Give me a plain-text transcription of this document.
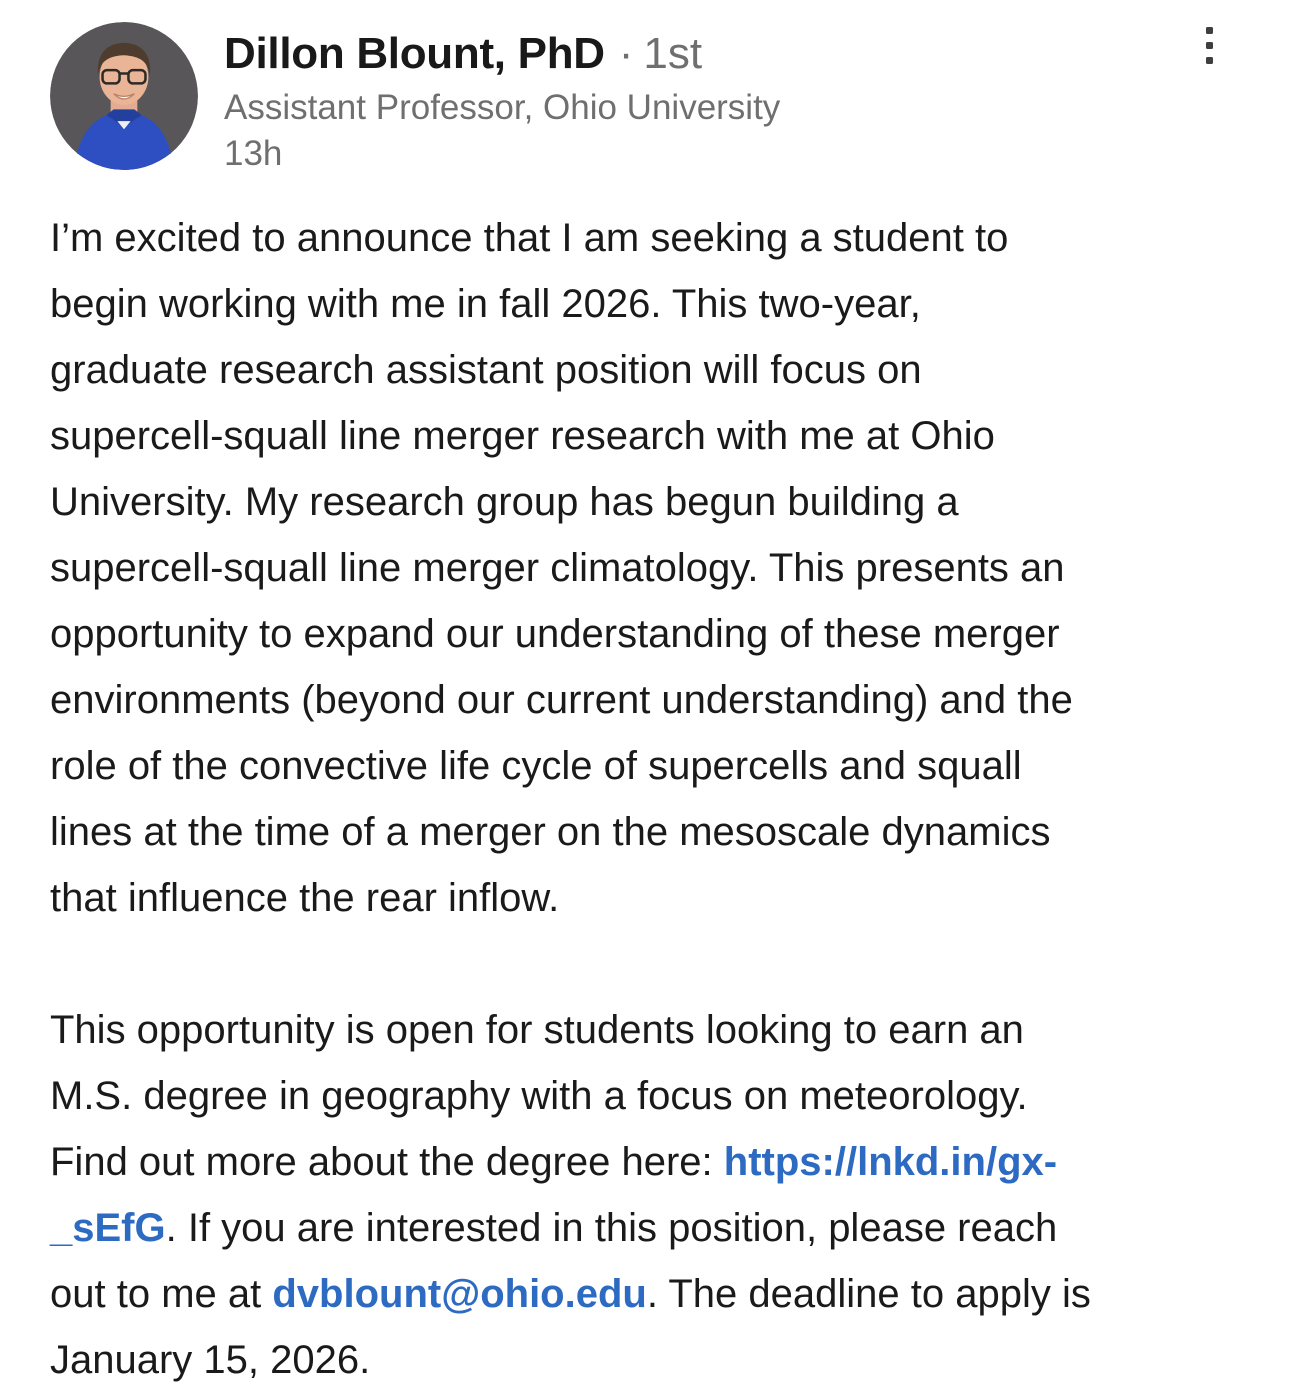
Dillon Blount, PhD · 1st
Assistant Professor, Ohio University
13h
I’m excited to announce that I am seeking a student to
begin working with me in fall 2026. This two-year,
graduate research assistant position will focus on
supercell-squall line merger research with me at Ohio
University. My research group has begun building a
supercell-squall line merger climatology. This presents an
opportunity to expand our understanding of these merger
environments (beyond our current understanding) and the
role of the convective life cycle of supercells and squall
lines at the time of a merger on the mesoscale dynamics
that influence the rear inflow.
This opportunity is open for students looking to earn an
M.S. degree in geography with a focus on meteorology.
Find out more about the degree here: https://lnkd.in/gx-
_sEfG. If you are interested in this position, please reach
out to me at dvblount@ohio.edu. The deadline to apply is
January 15, 2026.
